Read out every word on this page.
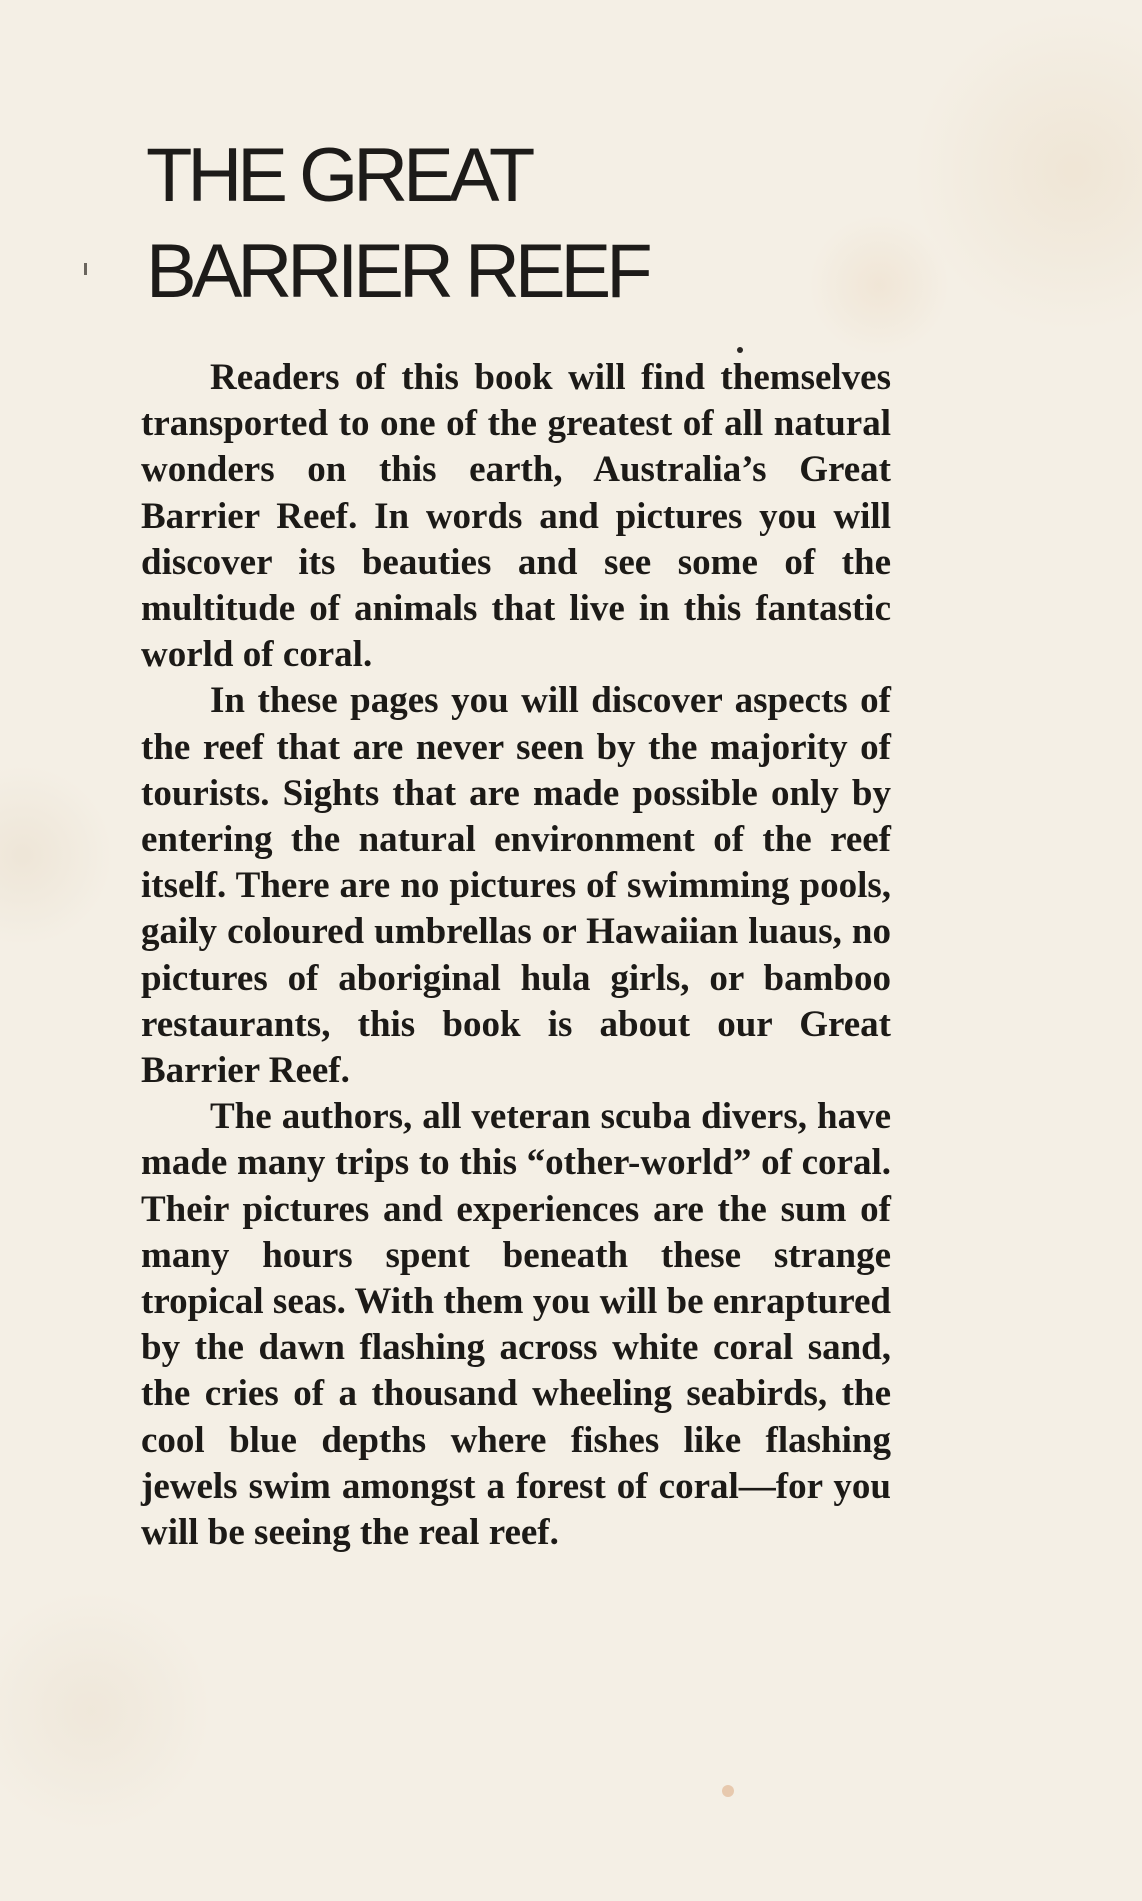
THE GREAT
BARRIER REEF

Readers of this book will find themselves transported to one of the greatest of all natural wonders on this earth, Australia’s Great Barrier Reef. In words and pictures you will discover its beauties and see some of the multitude of animals that live in this fantastic world of coral.

In these pages you will discover aspects of the reef that are never seen by the majority of tourists. Sights that are made possible only by entering the natural environment of the reef itself. There are no pictures of swimming pools, gaily coloured umbrellas or Hawaiian luaus, no pictures of aboriginal hula girls, or bamboo restaurants, this book is about our Great Barrier Reef.

The authors, all veteran scuba divers, have made many trips to this “other-world” of coral. Their pictures and experiences are the sum of many hours spent beneath these strange tropical seas. With them you will be enraptured by the dawn flashing across white coral sand, the cries of a thousand wheeling seabirds, the cool blue depths where fishes like flashing jewels swim amongst a forest of coral—for you will be seeing the real reef.
